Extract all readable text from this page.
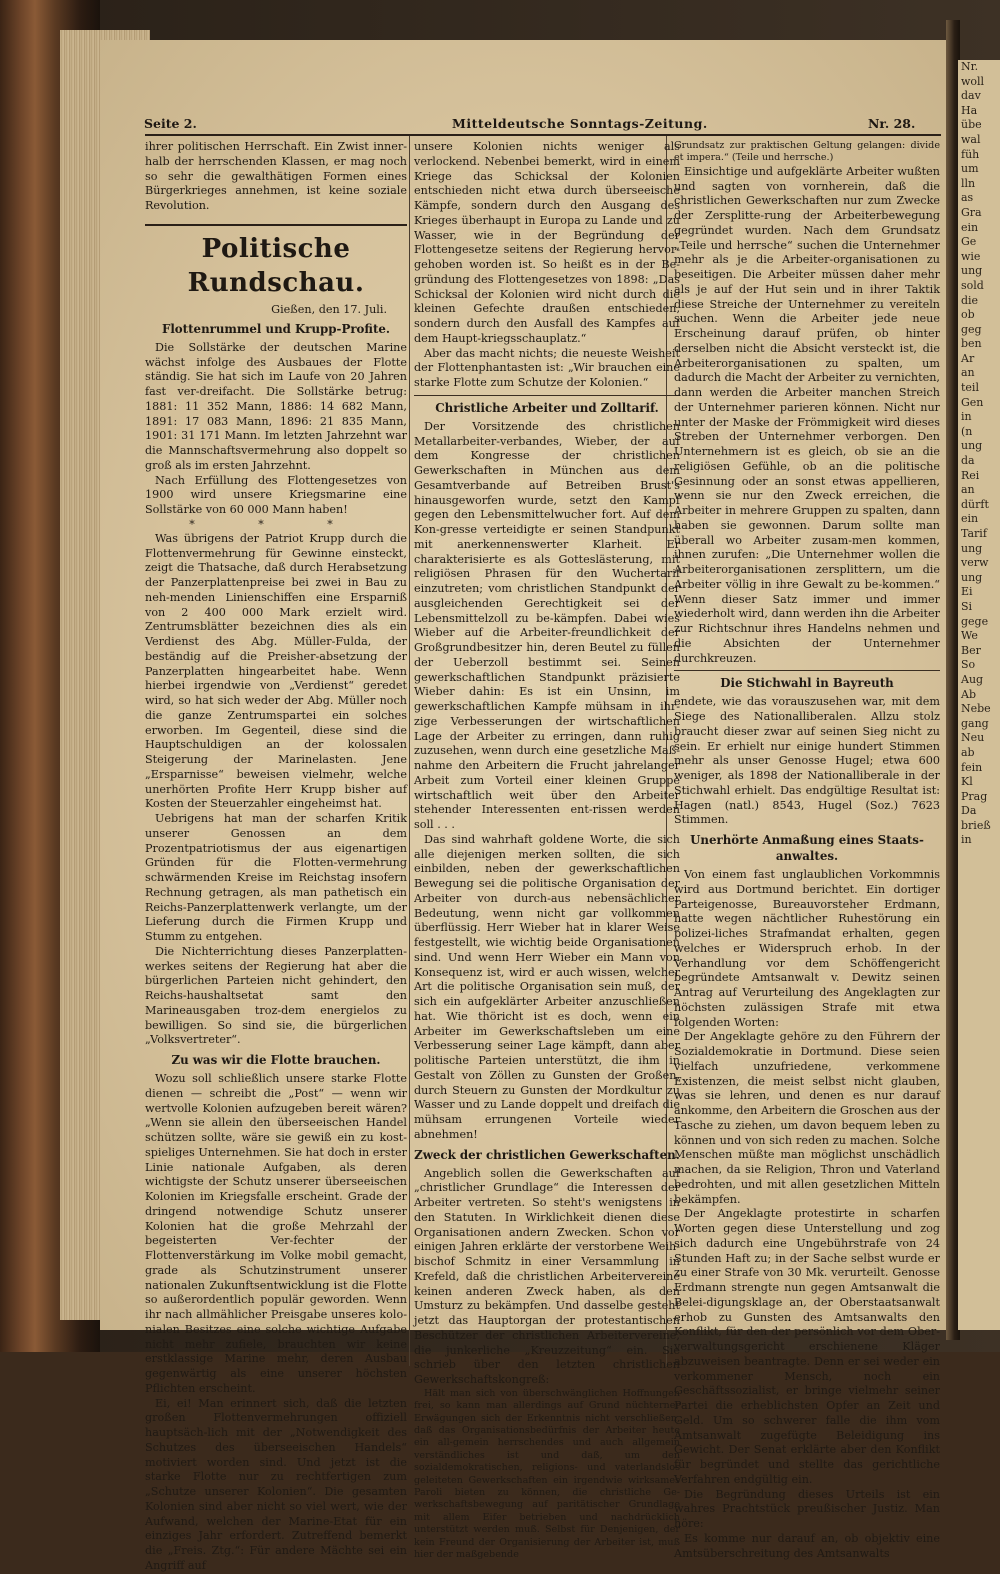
Seite 2.	Mitteldeutsche Sonntags-Zeitung.	Nr. 28.

ihrer politischen Herrschaft. Ein Zwist inner-halb der herrschenden Klassen, er mag noch so sehr die gewalthätigen Formen eines Bürgerkrieges annehmen, ist keine soziale Revolution.

Politische Rundschau.
Gießen, den 17. Juli.
Flottenrummel und Krupp-Profite.

Die Sollstärke der deutschen Marine wächst infolge des Ausbaues der Flotte ständig. Sie hat sich im Laufe von 20 Jahren fast ver-dreifacht. Die Sollstärke betrug: 1881: 11 352 Mann, 1886: 14 682 Mann, 1891: 17 083 Mann, 1896: 21 835 Mann, 1901: 31 171 Mann. Im letzten Jahrzehnt war die Mannschaftsvermehrung also doppelt so groß als im ersten Jahrzehnt.

Nach Erfüllung des Flottengesetzes von 1900 wird unsere Kriegsmarine eine Sollstärke von 60 000 Mann haben!

* * *

Was übrigens der Patriot Krupp durch die Flottenvermehrung für Gewinne einsteckt, zeigt die Thatsache, daß durch Herabsetzung der Panzerplattenpreise bei zwei in Bau zu neh-menden Linienschiffen eine Ersparniß von 2 400 000 Mark erzielt wird. Zentrumsblätter bezeichnen dies als ein Verdienst des Abg. Müller-Fulda, der beständig auf die Preisher-absetzung der Panzerplatten hingearbeitet habe. Wenn hierbei irgendwie von „Verdienst“ geredet wird, so hat sich weder der Abg. Müller noch die ganze Zentrumspartei ein solches erworben. Im Gegenteil, diese sind die Hauptschuldigen an der kolossalen Steigerung der Marinelasten. Jene „Ersparnisse“ beweisen vielmehr, welche unerhörten Profite Herr Krupp bisher auf Kosten der Steuerzahler eingeheimst hat.

Uebrigens hat man der scharfen Kritik unserer Genossen an dem Prozentpatriotismus der aus eigenartigen Gründen für die Flotten-vermehrung schwärmenden Kreise im Reichstag insofern Rechnung getragen, als man pathetisch ein Reichs-Panzerplattenwerk verlangte, um der Lieferung durch die Firmen Krupp und Stumm zu entgehen.

Die Nichterrichtung dieses Panzerplatten-werkes seitens der Regierung hat aber die bürgerlichen Parteien nicht gehindert, den Reichs-haushaltsetat samt den Marineausgaben troz-dem energielos zu bewilligen. So sind sie, die bürgerlichen „Volksvertreter“.

Zu was wir die Flotte brauchen.

Wozu soll schließlich unsere starke Flotte dienen — schreibt die „Post“ — wenn wir wertvolle Kolonien aufzugeben bereit wären? „Wenn sie allein den überseeischen Handel schützen sollte, wäre sie gewiß ein zu kost-spieliges Unternehmen. Sie hat doch in erster Linie nationale Aufgaben, als deren wichtigste der Schutz unserer überseeischen Kolonien im Kriegsfalle erscheint. Grade der dringend notwendige Schutz unserer Kolonien hat die große Mehrzahl der begeisterten Ver-fechter der Flottenverstärkung im Volke mobil gemacht, grade als Schutzinstrument unserer nationalen Zukunftsentwicklung ist die Flotte so außerordentlich populär geworden. Wenn ihr nach allmählicher Preisgabe unseres kolo-nialen Besitzes eine solche wichtige Aufgabe nicht mehr zufiele, brauchten wir keine erstklassige Marine mehr, deren Ausbau gegenwärtig als eine unserer höchsten Pflichten erscheint.

Ei, ei! Man erinnert sich, daß die letzten großen Flottenvermehrungen offiziell hauptsäch-lich mit der „Notwendigkeit des Schutzes des überseeischen Handels“ motiviert worden sind. Und jetzt ist die starke Flotte nur zu rechtfertigen zum „Schutze unserer Kolonien“. Die gesamten Kolonien sind aber nicht so viel wert, wie der Aufwand, welchen der Marine-Etat für ein einziges Jahr erfordert. Zutreffend bemerkt die „Freis. Ztg.“: Für andere Mächte sei ein Angriff auf

unsere Kolonien nichts weniger als verlockend. Nebenbei bemerkt, wird in einem Kriege das Schicksal der Kolonien entschieden nicht etwa durch überseeische Kämpfe, sondern durch den Ausgang des Krieges überhaupt in Europa zu Lande und zu Wasser, wie in der Begründung der Flottengesetze seitens der Regierung hervor-gehoben worden ist. So heißt es in der Be-gründung des Flottengesetzes von 1898: „Das Schicksal der Kolonien wird nicht durch die kleinen Gefechte draußen entschieden, sondern durch den Ausfall des Kampfes auf dem Haupt-kriegsschauplatz.“

Aber das macht nichts; die neueste Weisheit der Flottenphantasten ist: „Wir brauchen eine starke Flotte zum Schutze der Kolonien.“

Christliche Arbeiter und Zolltarif.

Der Vorsitzende des christlichen Metallarbeiter-verbandes, Wieber, der auf dem Kongresse der christlichen Gewerkschaften in München aus dem Gesamtverbande auf Betreiben Brust's hinausgeworfen wurde, setzt den Kampf gegen den Lebensmittelwucher fort. Auf dem Kon-gresse verteidigte er seinen Standpunkt mit anerkennenswerter Klarheit. Er charakterisierte es als Gotteslästerung, mit religiösen Phrasen für den Wuchertarif einzutreten; vom christlichen Standpunkt der ausgleichenden Gerechtigkeit sei der Lebensmittelzoll zu be-kämpfen. Dabei wies Wieber auf die Arbeiter-freundlichkeit der Großgrundbesitzer hin, deren Beutel zu füllen der Ueberzoll bestimmt sei. Seinen gewerkschaftlichen Standpunkt präzisierte Wieber dahin: Es ist ein Unsinn, im gewerkschaftlichen Kampfe mühsam in ihr-zige Verbesserungen der wirtschaftlichen Lage der Arbeiter zu erringen, dann ruhig zuzusehen, wenn durch eine gesetzliche Maß-nahme den Arbeitern die Frucht jahrelanger Arbeit zum Vorteil einer kleinen Gruppe wirtschaftlich weit über den Arbeiter stehender Interessenten ent-rissen werden soll . . .

Das sind wahrhaft goldene Worte, die sich alle diejenigen merken sollten, die sich einbilden, neben der gewerkschaftlichen Bewegung sei die politische Organisation der Arbeiter von durch-aus nebensächlicher Bedeutung, wenn nicht gar vollkommen überflüssig. Herr Wieber hat in klarer Weise festgestellt, wie wichtig beide Organisationen sind. Und wenn Herr Wieber ein Mann von Konsequenz ist, wird er auch wissen, welcher Art die politische Organisation sein muß, der sich ein aufgeklärter Arbeiter anzuschließen hat. Wie thöricht ist es doch, wenn ein Arbeiter im Gewerkschaftsleben um eine Verbesserung seiner Lage kämpft, dann aber politische Parteien unterstützt, die ihm in Gestalt von Zöllen zu Gunsten der Großen, durch Steuern zu Gunsten der Mordkultur zu Wasser und zu Lande doppelt und dreifach die mühsam errungenen Vorteile wieder abnehmen!

Zweck der christlichen Gewerkschaften.

Angeblich sollen die Gewerkschaften auf „christlicher Grundlage“ die Interessen der Arbeiter vertreten. So steht's wenigstens in den Statuten. In Wirklichkeit dienen diese Organisationen andern Zwecken. Schon vor einigen Jahren erklärte der verstorbene Weih-bischof Schmitz in einer Versammlung in Krefeld, daß die christlichen Arbeitervereine keinen anderen Zweck haben, als den Umsturz zu bekämpfen. Und dasselbe gesteht jetzt das Hauptorgan der protestantischen Beschützer der christlichen Arbeitervereine, die junkerliche „Kreuzzeitung“ ein. Sie schrieb über den letzten christlichen Gewerkschaftskongreß:

Hält man sich von überschwänglichen Hoffnungen frei, so kann man allerdings auf Grund nüchterner Erwägungen sich der Erkenntnis nicht verschließen, daß das Organisationsbedürfnis der Arbeiter heute ein all-gemein herrschendes und auch allgemein verständliches ist und daß, um den sozialdemokratischen, religions- und vaterlandslos geleiteten Gewerkschaften ein irgendwie wirksames Paroli bieten zu können, die christliche Ge-werkschaftsbewegung auf paritätischer Grundlage mit allem Eifer betrieben und nachdrücklich unterstützt werden muß. Selbst für Denjenigen, der kein Freund der Organisierung der Arbeiter ist, muß hier der maßgebende

Grundsatz zur praktischen Geltung gelangen: divide et impera.“ (Teile und herrsche.)

Einsichtige und aufgeklärte Arbeiter wußten und sagten von vornherein, daß die christlichen Gewerkschaften nur zum Zwecke der Zersplitte-rung der Arbeiterbewegung gegründet wurden. Nach dem Grundsatz „Teile und herrsche“ suchen die Unternehmer mehr als je die Arbeiter-organisationen zu beseitigen. Die Arbeiter müssen daher mehr als je auf der Hut sein und in ihrer Taktik diese Streiche der Unternehmer zu vereiteln suchen. Wenn die Arbeiter jede neue Erscheinung darauf prüfen, ob hinter derselben nicht die Absicht versteckt ist, die Arbeiterorganisationen zu spalten, um dadurch die Macht der Arbeiter zu vernichten, dann werden die Arbeiter manchen Streich der Unternehmer parieren können. Nicht nur unter der Maske der Frömmigkeit wird dieses Streben der Unternehmer verborgen. Den Unternehmern ist es gleich, ob sie an die religiösen Gefühle, ob an die politische Gesinnung oder an sonst etwas appellieren, wenn sie nur den Zweck erreichen, die Arbeiter in mehrere Gruppen zu spalten, dann haben sie gewonnen. Darum sollte man überall wo Arbeiter zusam-men kommen, ihnen zurufen: „Die Unternehmer wollen die Arbeiterorganisationen zersplittern, um die Arbeiter völlig in ihre Gewalt zu be-kommen.“ Wenn dieser Satz immer und immer wiederholt wird, dann werden ihn die Arbeiter zur Richtschnur ihres Handelns nehmen und die Absichten der Unternehmer durchkreuzen.

Die Stichwahl in Bayreuth

endete, wie das vorauszusehen war, mit dem Siege des Nationalliberalen. Allzu stolz braucht dieser zwar auf seinen Sieg nicht zu sein. Er erhielt nur einige hundert Stimmen mehr als unser Genosse Hugel; etwa 600 weniger, als 1898 der Nationalliberale in der Stichwahl erhielt. Das endgültige Resultat ist: Hagen (natl.) 8543, Hugel (Soz.) 7623 Stimmen.

Unerhörte Anmaßung eines Staats-anwaltes.

Von einem fast unglaublichen Vorkommnis wird aus Dortmund berichtet. Ein dortiger Parteigenosse, Bureauvorsteher Erdmann, hatte wegen nächtlicher Ruhestörung ein polizei-liches Strafmandat erhalten, gegen welches er Widerspruch erhob. In der Verhandlung vor dem Schöffengericht begründete Amtsanwalt v. Dewitz seinen Antrag auf Verurteilung des Angeklagten zur höchsten zulässigen Strafe mit etwa folgenden Worten:

Der Angeklagte gehöre zu den Führern der Sozialdemokratie in Dortmund. Diese seien vielfach unzufriedene, verkommene Existenzen, die meist selbst nicht glauben, was sie lehren, und denen es nur darauf ankomme, den Arbeitern die Groschen aus der Tasche zu ziehen, um davon bequem leben zu können und von sich reden zu machen. Solche Menschen müßte man möglichst unschädlich machen, da sie Religion, Thron und Vaterland bedrohten, und mit allen gesetzlichen Mitteln bekämpfen.

Der Angeklagte protestirte in scharfen Worten gegen diese Unterstellung und zog sich dadurch eine Ungebührstrafe von 24 Stunden Haft zu; in der Sache selbst wurde er zu einer Strafe von 30 Mk. verurteilt. Genosse Erdmann strengte nun gegen Amtsanwalt die Belei-digungsklage an, der Oberstaatsanwalt erhob zu Gunsten des Amtsanwalts den Konflikt, für den der persönlich vor dem Ober-verwaltungsgericht erschienene Kläger abzuweisen beantragte. Denn er sei weder ein verkommener Mensch, noch ein Geschäftssozialist, er bringe vielmehr seiner Partei die erheblichsten Opfer an Zeit und Geld. Um so schwerer falle die ihm vom Amtsanwalt zugefügte Beleidigung ins Gewicht. Der Senat erklärte aber den Konflikt für begründet und stellte das gerichtliche Verfahren endgültig ein.

Die Begründung dieses Urteils ist ein wahres Prachtstück preußischer Justiz. Man höre:

Es komme nur darauf an, ob objektiv eine Amtsüberschreitung des Amtsanwalts

Nr.
woll
dav
Ha
übe
wal
füh
um
lln
as
Gra
ein
Ge
wie
ung
sold
die
ob
geg
ben
Ar
an
teil
Gen
in
(n
ung
da
Rei
an
dürft
ein
Tarif
ung
verw
ung
Ei
Si
gege
We
Ber
So
Aug
Ab
Nebe
gang
Neu
ab
fein
Kl
Prag
Da
brieß
in
